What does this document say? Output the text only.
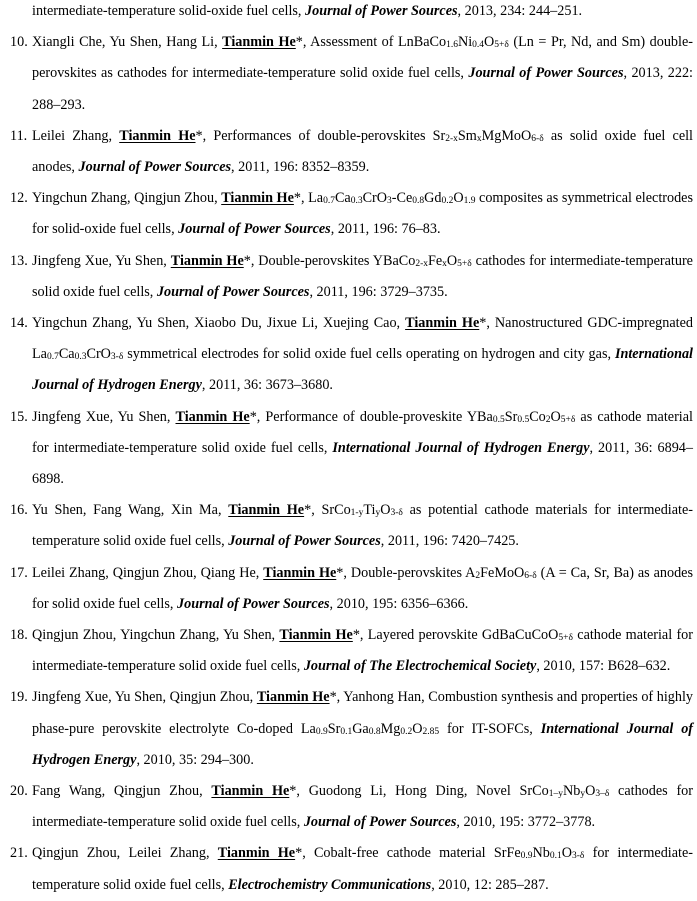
intermediate-temperature solid-oxide fuel cells, Journal of Power Sources, 2013, 234: 244–251.

10. Xiangli Che, Yu Shen, Hang Li, Tianmin He*, Assessment of $LnBaCo_{1.6}Ni_{0.4}O_{5+\delta}$ (Ln = Pr, Nd, and Sm) double-perovskites as cathodes for intermediate-temperature solid oxide fuel cells, Journal of Power Sources, 2013, 222: 288–293.

11. Leilei Zhang, Tianmin He*, Performances of double-perovskites $Sr_{2-x}Sm_xMgMoO_{6-\delta}$ as solid oxide fuel cell anodes, Journal of Power Sources, 2011, 196: 8352–8359.

12. Yingchun Zhang, Qingjun Zhou, Tianmin He*, $La_{0.7}Ca_{0.3}CrO_3-Ce_{0.8}Gd_{0.2}O_{1.9}$ composites as symmetrical electrodes for solid-oxide fuel cells, Journal of Power Sources, 2011, 196: 76–83.

13. Jingfeng Xue, Yu Shen, Tianmin He*, Double-perovskites $YBaCo_{2-x}Fe_xO_{5+\delta}$ cathodes for intermediate-temperature solid oxide fuel cells, Journal of Power Sources, 2011, 196: 3729–3735.

14. Yingchun Zhang, Yu Shen, Xiaobo Du, Jixue Li, Xuejing Cao, Tianmin He*, Nanostructured GDC-impregnated $La_{0.7}Ca_{0.3}CrO_{3-\delta}$ symmetrical electrodes for solid oxide fuel cells operating on hydrogen and city gas, International Journal of Hydrogen Energy, 2011, 36: 3673–3680.

15. Jingfeng Xue, Yu Shen, Tianmin He*, Performance of double-proveskite $YBa_{0.5}Sr_{0.5}Co_2O_{5+\delta}$ as cathode material for intermediate-temperature solid oxide fuel cells, International Journal of Hydrogen Energy, 2011, 36: 6894–6898.

16. Yu Shen, Fang Wang, Xin Ma, Tianmin He*, $SrCo_{1-y}Ti_yO_{3-\delta}$ as potential cathode materials for intermediate-temperature solid oxide fuel cells, Journal of Power Sources, 2011, 196: 7420–7425.

17. Leilei Zhang, Qingjun Zhou, Qiang He, Tianmin He*, Double-perovskites $A_2FeMoO_{6-\delta}$ (A = Ca, Sr, Ba) as anodes for solid oxide fuel cells, Journal of Power Sources, 2010, 195: 6356–6366.

18. Qingjun Zhou, Yingchun Zhang, Yu Shen, Tianmin He*, Layered perovskite GdBaCuCoO$_{5+\delta}$ cathode material for intermediate-temperature solid oxide fuel cells, Journal of The Electrochemical Society, 2010, 157: B628–632.

19. Jingfeng Xue, Yu Shen, Qingjun Zhou, Tianmin He*, Yanhong Han, Combustion synthesis and properties of highly phase-pure perovskite electrolyte Co-doped $La_{0.9}Sr_{0.1}Ga_{0.8}Mg_{0.2}O_{2.85}$ for IT-SOFCs, International Journal of Hydrogen Energy, 2010, 35: 294–300.

20. Fang Wang, Qingjun Zhou, Tianmin He*, Guodong Li, Hong Ding, Novel $SrCo_{1-y}Nb_yO_{3-\delta}$ cathodes for intermediate-temperature solid oxide fuel cells, Journal of Power Sources, 2010, 195: 3772–3778.

21. Qingjun Zhou, Leilei Zhang, Tianmin He*, Cobalt-free cathode material $SrFe_{0.9}Nb_{0.1}O_{3-\delta}$ for intermediate-temperature solid oxide fuel cells, Electrochemistry Communications, 2010, 12: 285–287.
